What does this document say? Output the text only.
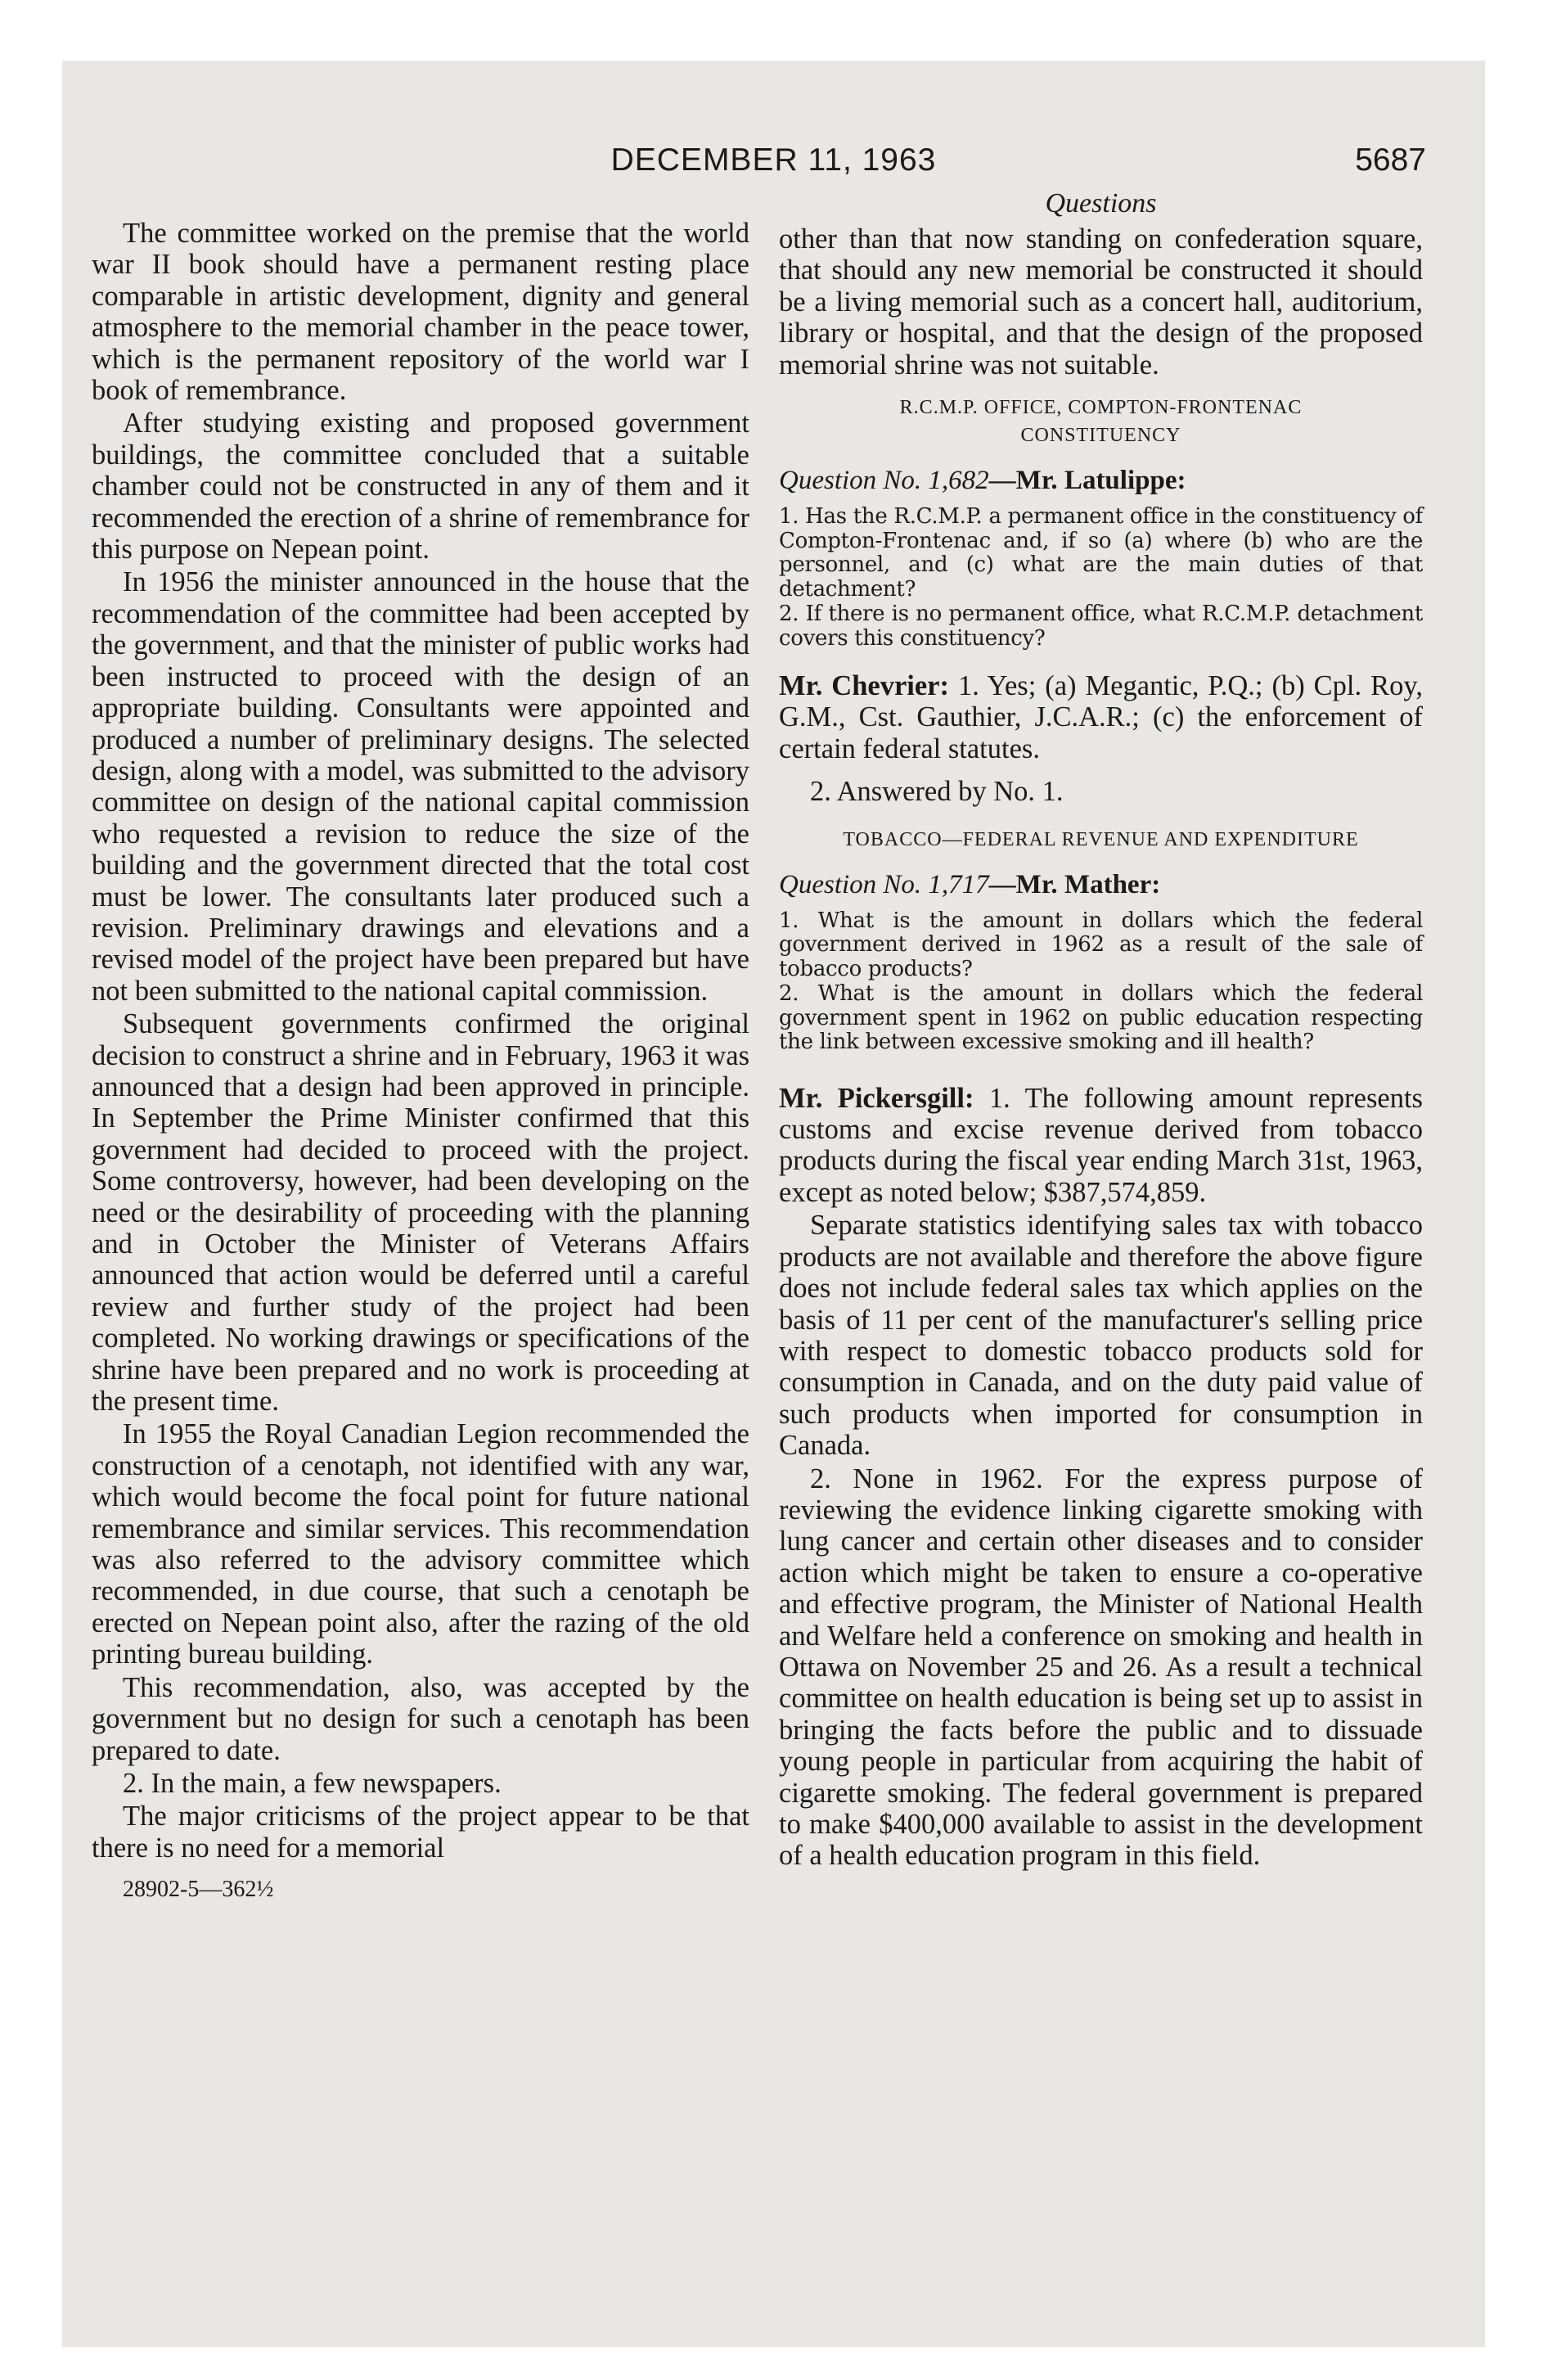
DECEMBER 11, 1963	5687

The committee worked on the premise that the world war II book should have a permanent resting place comparable in artistic development, dignity and general atmosphere to the memorial chamber in the peace tower, which is the permanent repository of the world war I book of remembrance.

After studying existing and proposed government buildings, the committee concluded that a suitable chamber could not be constructed in any of them and it recommended the erection of a shrine of remembrance for this purpose on Nepean point.

In 1956 the minister announced in the house that the recommendation of the committee had been accepted by the government, and that the minister of public works had been instructed to proceed with the design of an appropriate building. Consultants were appointed and produced a number of preliminary designs. The selected design, along with a model, was submitted to the advisory committee on design of the national capital commission who requested a revision to reduce the size of the building and the government directed that the total cost must be lower. The consultants later produced such a revision. Preliminary drawings and elevations and a revised model of the project have been prepared but have not been submitted to the national capital commission.

Subsequent governments confirmed the original decision to construct a shrine and in February, 1963 it was announced that a design had been approved in principle. In September the Prime Minister confirmed that this government had decided to proceed with the project. Some controversy, however, had been developing on the need or the desirability of proceeding with the planning and in October the Minister of Veterans Affairs announced that action would be deferred until a careful review and further study of the project had been completed. No working drawings or specifications of the shrine have been prepared and no work is proceeding at the present time.

In 1955 the Royal Canadian Legion recommended the construction of a cenotaph, not identified with any war, which would become the focal point for future national remembrance and similar services. This recommendation was also referred to the advisory committee which recommended, in due course, that such a cenotaph be erected on Nepean point also, after the razing of the old printing bureau building.

This recommendation, also, was accepted by the government but no design for such a cenotaph has been prepared to date.

2. In the main, a few newspapers.

The major criticisms of the project appear to be that there is no need for a memorial

28902-5—362½
Questions

other than that now standing on confederation square, that should any new memorial be constructed it should be a living memorial such as a concert hall, auditorium, library or hospital, and that the design of the proposed memorial shrine was not suitable.

R.C.M.P. OFFICE, COMPTON-FRONTENAC
CONSTITUENCY
Question No. 1,682—Mr. Latulippe:

1. Has the R.C.M.P. a permanent office in the constituency of Compton-Frontenac and, if so (a) where (b) who are the personnel, and (c) what are the main duties of that detachment?

2. If there is no permanent office, what R.C.M.P. detachment covers this constituency?

Mr. Chevrier: 1. Yes; (a) Megantic, P.Q.; (b) Cpl. Roy, G.M., Cst. Gauthier, J.C.A.R.; (c) the enforcement of certain federal statutes.

2. Answered by No. 1.

TOBACCO—FEDERAL REVENUE AND EXPENDITURE
Question No. 1,717—Mr. Mather:

1. What is the amount in dollars which the federal government derived in 1962 as a result of the sale of tobacco products?

2. What is the amount in dollars which the federal government spent in 1962 on public education respecting the link between excessive smoking and ill health?

Mr. Pickersgill: 1. The following amount represents customs and excise revenue derived from tobacco products during the fiscal year ending March 31st, 1963, except as noted below; $387,574,859.

Separate statistics identifying sales tax with tobacco products are not available and therefore the above figure does not include federal sales tax which applies on the basis of 11 per cent of the manufacturer's selling price with respect to domestic tobacco products sold for consumption in Canada, and on the duty paid value of such products when imported for consumption in Canada.

2. None in 1962. For the express purpose of reviewing the evidence linking cigarette smoking with lung cancer and certain other diseases and to consider action which might be taken to ensure a co-operative and effective program, the Minister of National Health and Welfare held a conference on smoking and health in Ottawa on November 25 and 26. As a result a technical committee on health education is being set up to assist in bringing the facts before the public and to dissuade young people in particular from acquiring the habit of cigarette smoking. The federal government is prepared to make $400,000 available to assist in the development of a health education program in this field.
